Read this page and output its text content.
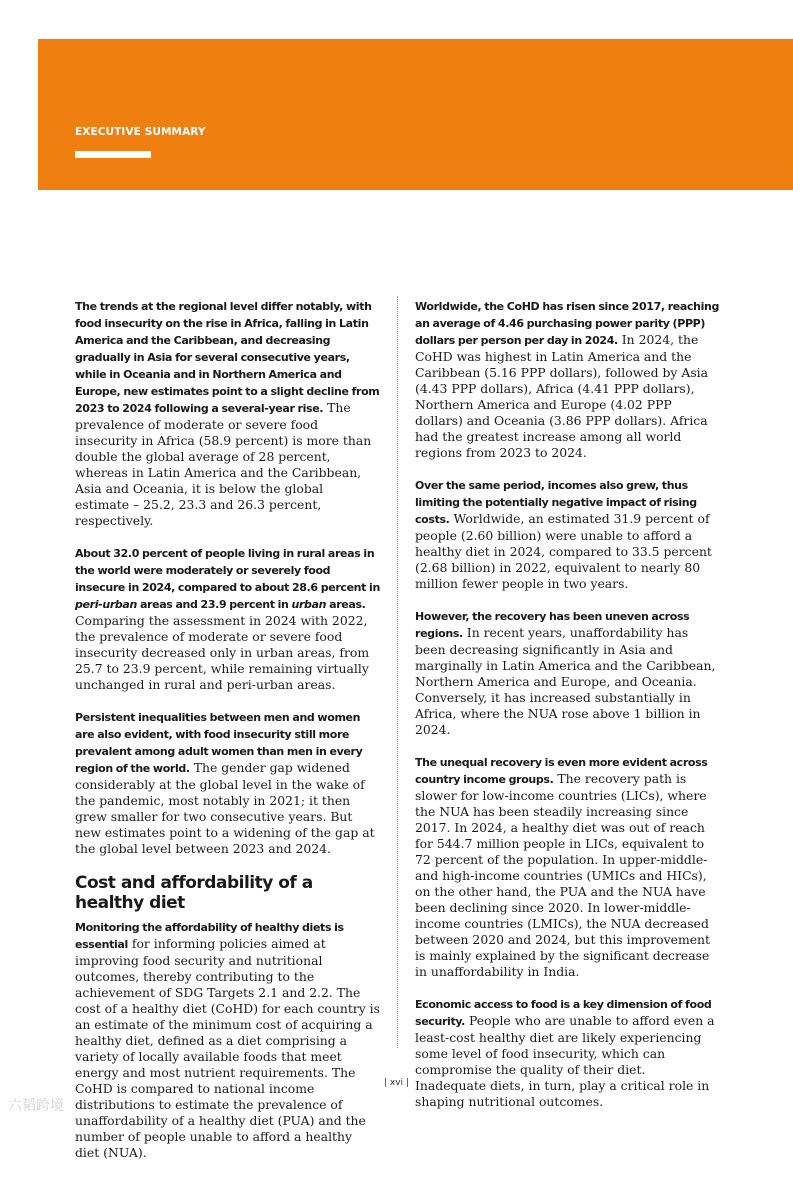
EXECUTIVE SUMMARY

The trends at the regional level differ notably, with food insecurity on the rise in Africa, falling in Latin America and the Caribbean, and decreasing gradually in Asia for several consecutive years, while in Oceania and in Northern America and Europe, new estimates point to a slight decline from 2023 to 2024 following a several-year rise. The prevalence of moderate or severe food insecurity in Africa (58.9 percent) is more than double the global average of 28 percent, whereas in Latin America and the Caribbean, Asia and Oceania, it is below the global estimate – 25.2, 23.3 and 26.3 percent, respectively.

About 32.0 percent of people living in rural areas in the world were moderately or severely food insecure in 2024, compared to about 28.6 percent in peri-urban areas and 23.9 percent in urban areas. Comparing the assessment in 2024 with 2022, the prevalence of moderate or severe food insecurity decreased only in urban areas, from 25.7 to 23.9 percent, while remaining virtually unchanged in rural and peri-urban areas.

Persistent inequalities between men and women are also evident, with food insecurity still more prevalent among adult women than men in every region of the world. The gender gap widened considerably at the global level in the wake of the pandemic, most notably in 2021; it then grew smaller for two consecutive years. But new estimates point to a widening of the gap at the global level between 2023 and 2024.

Cost and affordability of a healthy diet

Monitoring the affordability of healthy diets is essential for informing policies aimed at improving food security and nutritional outcomes, thereby contributing to the achievement of SDG Targets 2.1 and 2.2. The cost of a healthy diet (CoHD) for each country is an estimate of the minimum cost of acquiring a healthy diet, defined as a diet comprising a variety of locally available foods that meet energy and most nutrient requirements. The CoHD is compared to national income distributions to estimate the prevalence of unaffordability of a healthy diet (PUA) and the number of people unable to afford a healthy diet (NUA).

Worldwide, the CoHD has risen since 2017, reaching an average of 4.46 purchasing power parity (PPP) dollars per person per day in 2024. In 2024, the CoHD was highest in Latin America and the Caribbean (5.16 PPP dollars), followed by Asia (4.43 PPP dollars), Africa (4.41 PPP dollars), Northern America and Europe (4.02 PPP dollars) and Oceania (3.86 PPP dollars). Africa had the greatest increase among all world regions from 2023 to 2024.

Over the same period, incomes also grew, thus limiting the potentially negative impact of rising costs. Worldwide, an estimated 31.9 percent of people (2.60 billion) were unable to afford a healthy diet in 2024, compared to 33.5 percent (2.68 billion) in 2022, equivalent to nearly 80 million fewer people in two years.

However, the recovery has been uneven across regions. In recent years, unaffordability has been decreasing significantly in Asia and marginally in Latin America and the Caribbean, Northern America and Europe, and Oceania. Conversely, it has increased substantially in Africa, where the NUA rose above 1 billion in 2024.

The unequal recovery is even more evident across country income groups. The recovery path is slower for low-income countries (LICs), where the NUA has been steadily increasing since 2017. In 2024, a healthy diet was out of reach for 544.7 million people in LICs, equivalent to 72 percent of the population. In upper-middle- and high-income countries (UMICs and HICs), on the other hand, the PUA and the NUA have been declining since 2020. In lower-middle-income countries (LMICs), the NUA decreased between 2020 and 2024, but this improvement is mainly explained by the significant decrease in unaffordability in India.

Economic access to food is a key dimension of food security. People who are unable to afford even a least-cost healthy diet are likely experiencing some level of food insecurity, which can compromise the quality of their diet. Inadequate diets, in turn, play a critical role in shaping nutritional outcomes.

| xvi |
六韬跨境
